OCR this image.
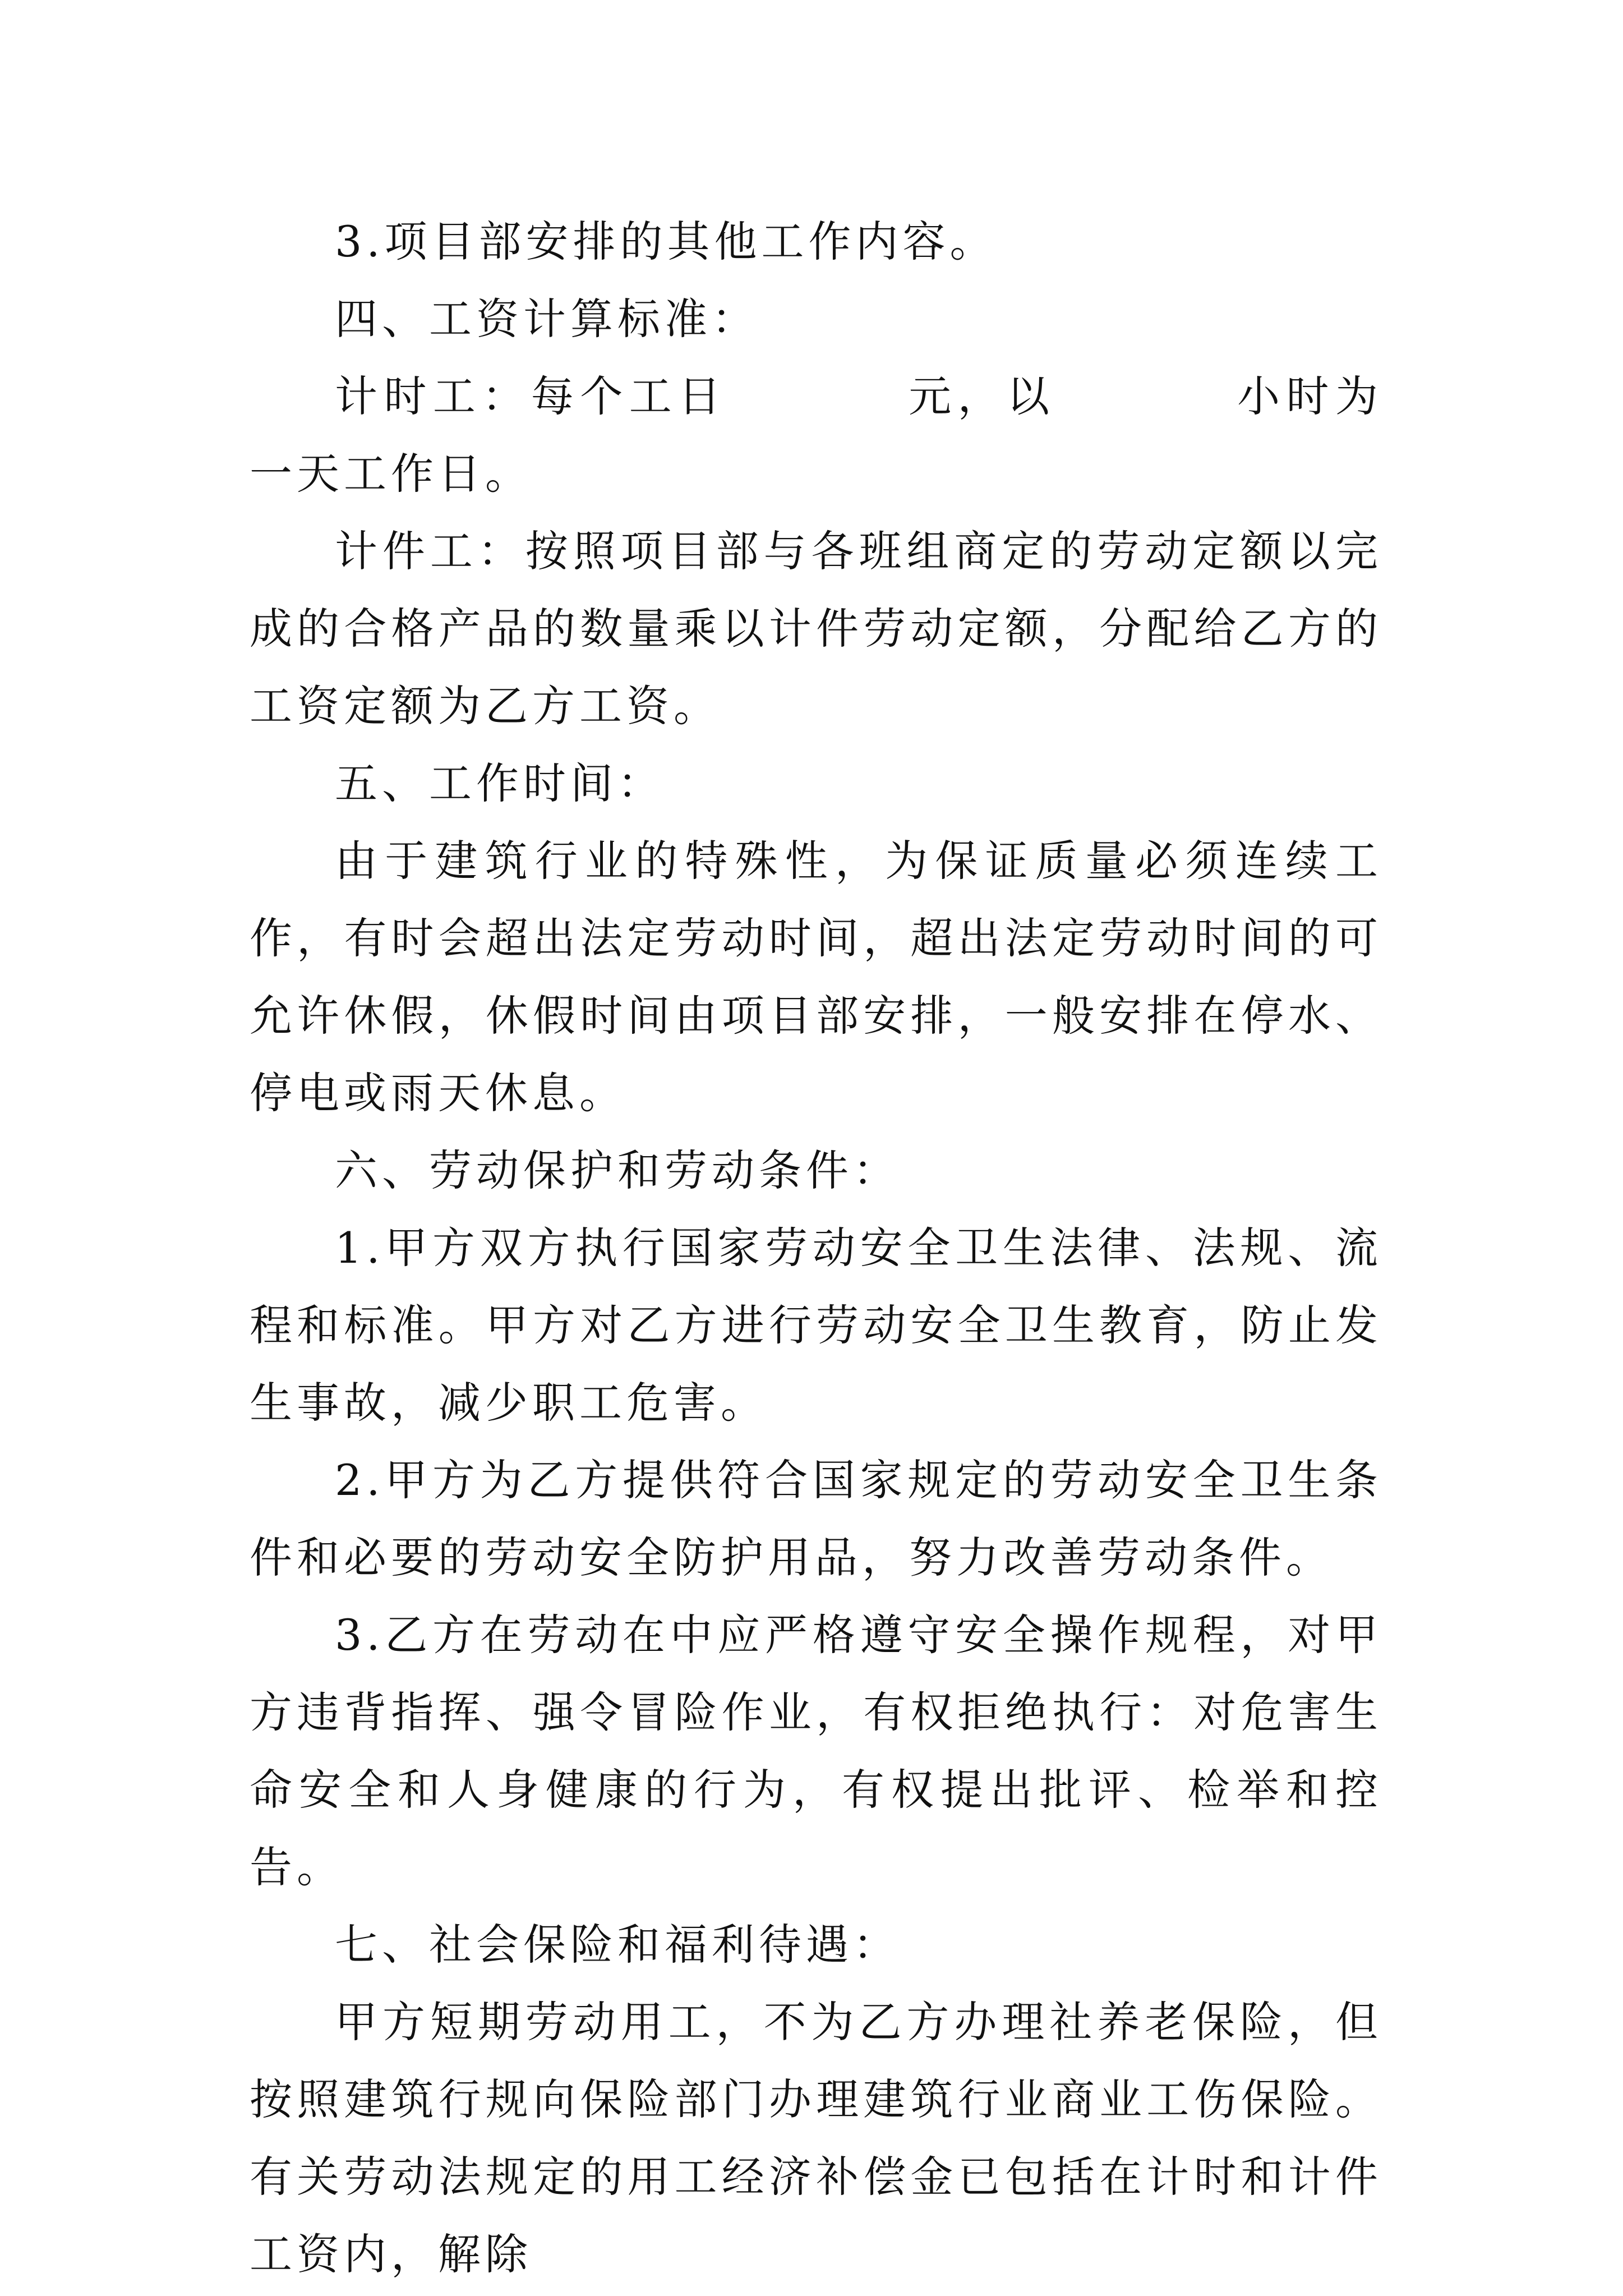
3.项目部安排的其他工作内容。

四、工资计算标准：

计时工：每个工日	元，以	小时为一天工作日。

计件工：按照项目部与各班组商定的劳动定额以完成的合格产品的数量乘以计件劳动定额，分配给乙方的工资定额为乙方工资。

五、工作时间：

由于建筑行业的特殊性，为保证质量必须连续工作，有时会超出法定劳动时间，超出法定劳动时间的可允许休假，休假时间由项目部安排，一般安排在停水、停电或雨天休息。

六、劳动保护和劳动条件：

1.甲方双方执行国家劳动安全卫生法律、法规、流程和标准。甲方对乙方进行劳动安全卫生教育，防止发生事故，减少职工危害。

2.甲方为乙方提供符合国家规定的劳动安全卫生条件和必要的劳动安全防护用品，努力改善劳动条件。

3.乙方在劳动在中应严格遵守安全操作规程，对甲方违背指挥、强令冒险作业，有权拒绝执行：对危害生命安全和人身健康的行为，有权提出批评、检举和控告。

七、社会保险和福利待遇：

甲方短期劳动用工，不为乙方办理社养老保险，但按照建筑行规向保险部门办理建筑行业商业工伤保险。有关劳动法规定的用工经济补偿金已包括在计时和计件工资内，解除
